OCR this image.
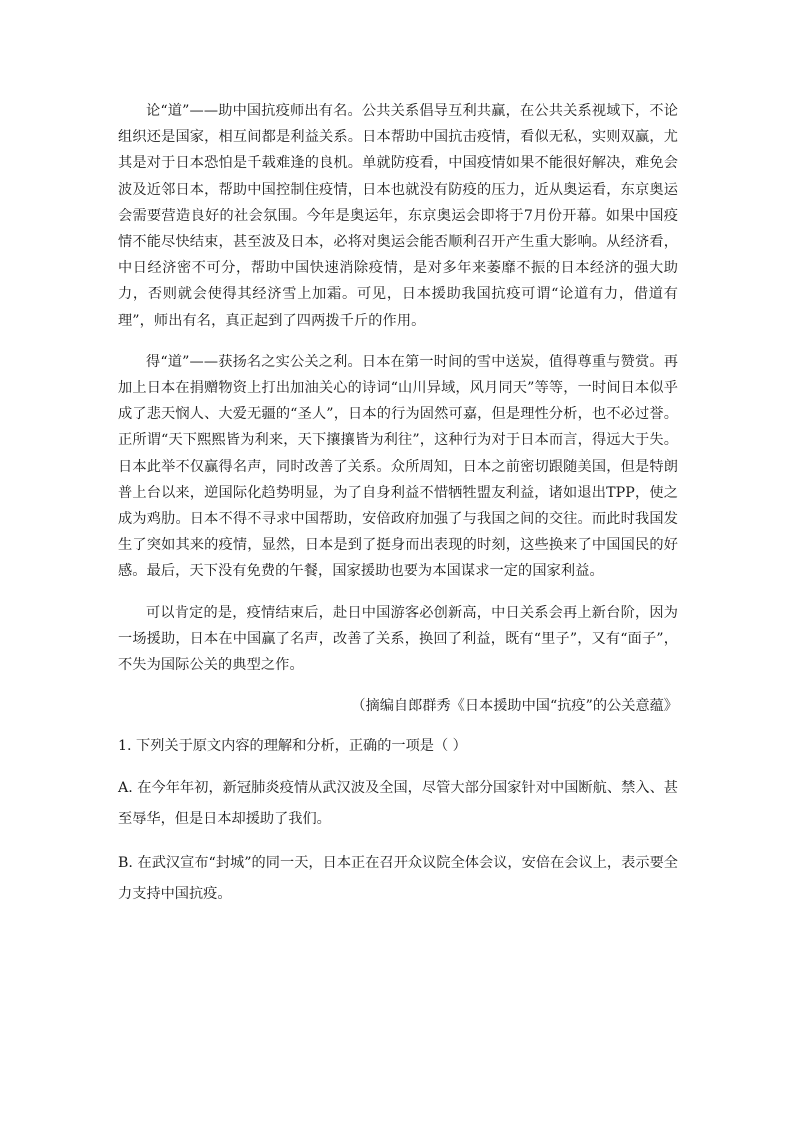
论“道”——助中国抗疫师出有名。公共关系倡导互利共赢，在公共关系视域下，不论组织还是国家，相互间都是利益关系。日本帮助中国抗击疫情，看似无私，实则双赢，尤其是对于日本恐怕是千载难逢的良机。单就防疫看，中国疫情如果不能很好解决，难免会波及近邻日本，帮助中国控制住疫情，日本也就没有防疫的压力，近从奥运看，东京奥运会需要营造良好的社会氛围。今年是奥运年，东京奥运会即将于7月份开幕。如果中国疫情不能尽快结束，甚至波及日本，必将对奥运会能否顺利召开产生重大影响。从经济看，中日经济密不可分，帮助中国快速消除疫情，是对多年来萎靡不振的日本经济的强大助力，否则就会使得其经济雪上加霜。可见，日本援助我国抗疫可谓“论道有力，借道有理”，师出有名，真正起到了四两拨千斤的作用。

得“道”——获扬名之实公关之利。日本在第一时间的雪中送炭，值得尊重与赞赏。再加上日本在捐赠物资上打出加油关心的诗词“山川异域，风月同天”等等，一时间日本似乎成了悲天悯人、大爱无疆的“圣人”，日本的行为固然可嘉，但是理性分析，也不必过誉。正所谓“天下熙熙皆为利来，天下攘攘皆为利往”，这种行为对于日本而言，得远大于失。日本此举不仅赢得名声，同时改善了关系。众所周知，日本之前密切跟随美国，但是特朗普上台以来，逆国际化趋势明显，为了自身利益不惜牺牲盟友利益，诸如退出TPP，使之成为鸡肋。日本不得不寻求中国帮助，安倍政府加强了与我国之间的交往。而此时我国发生了突如其来的疫情，显然，日本是到了挺身而出表现的时刻，这些换来了中国国民的好感。最后，天下没有免费的午餐，国家援助也要为本国谋求一定的国家利益。

可以肯定的是，疫情结束后，赴日中国游客必创新高，中日关系会再上新台阶，因为一场援助，日本在中国赢了名声，改善了关系，换回了利益，既有“里子”，又有“面子”，不失为国际公关的典型之作。

（摘编自郎群秀《日本援助中国“抗疫”的公关意蕴》

1. 下列关于原文内容的理解和分析，正确的一项是（ ）

A. 在今年年初，新冠肺炎疫情从武汉波及全国，尽管大部分国家针对中国断航、禁入、甚至辱华，但是日本却援助了我们。

B. 在武汉宣布“封城”的同一天，日本正在召开众议院全体会议，安倍在会议上，表示要全力支持中国抗疫。
